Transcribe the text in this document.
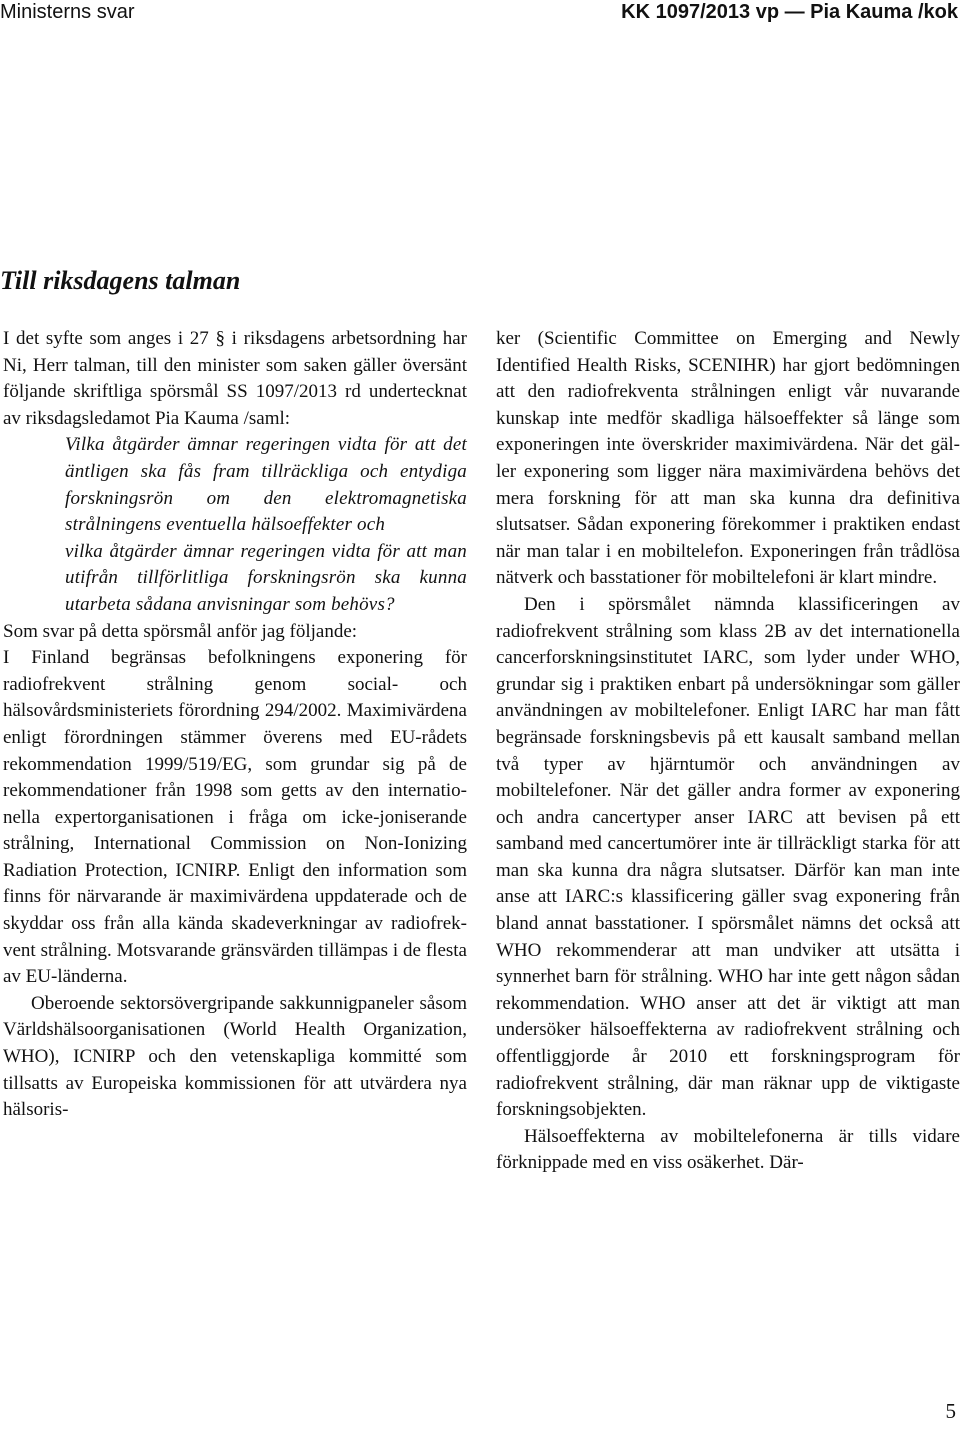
Ministerns svar	KK 1097/2013 vp — Pia Kauma /kok
Till riksdagens talman

I det syfte som anges i 27 § i riksdagens arbetsordning har Ni, Herr talman, till den minister som saken gäller översänt följande skriftliga spörsmål SS 1097/2013 rd undertecknat av riksdagsledamot Pia Kauma /saml:

Vilka åtgärder ämnar regeringen vidta för att det äntligen ska fås fram tillräckliga och entydiga forskningsrön om den elektromagnetiska strålningens eventuella hälsoeffekter och

vilka åtgärder ämnar regeringen vidta för att man utifrån tillförlitliga forskningsrön ska kunna utarbeta sådana anvisningar som behövs?

Som svar på detta spörsmål anför jag följande:

I Finland begränsas befolkningens exponering för radiofrekvent strålning genom social- och hälsovårdsministeriets förordning 294/2002. Maximivärdena enligt förordningen stämmer överens med EU-rådets rekommendation 1999/519/EG, som grundar sig på de rekommendationer från 1998 som getts av den internationella expertorganisationen i fråga om icke-joniserande strålning, International Commission on Non-Ionizing Radiation Protection, ICNIRP. Enligt den information som finns för närvarande är maximivärdena uppdaterade och de skyddar oss från alla kända skadeverkningar av radiofrekvent strålning. Motsvarande gränsvärden tillämpas i de flesta av EU-länderna.

Oberoende sektorsövergripande sakkunnigpaneler såsom Världshälsoorganisationen (World Health Organization, WHO), ICNIRP och den vetenskapliga kommitté som tillsatts av Europeiska kommissionen för att utvärdera nya hälsoris-

ker (Scientific Committee on Emerging and Newly Identified Health Risks, SCENIHR) har gjort bedömningen att den radiofrekventa strålningen enligt vår nuvarande kunskap inte medför skadliga hälsoeffekter så länge som exponeringen inte överskrider maximivärdena. När det gäller exponering som ligger nära maximivärdena behövs det mera forskning för att man ska kunna dra definitiva slutsatser. Sådan exponering förekommer i praktiken endast när man talar i en mobiltelefon. Exponeringen från trådlösa nätverk och basstationer för mobiltelefoni är klart mindre.

Den i spörsmålet nämnda klassificeringen av radiofrekvent strålning som klass 2B av det internationella cancerforskningsinstitutet IARC, som lyder under WHO, grundar sig i praktiken enbart på undersökningar som gäller användningen av mobiltelefoner. Enligt IARC har man fått begränsade forskningsbevis på ett kausalt samband mellan två typer av hjärntumör och användningen av mobiltelefoner. När det gäller andra former av exponering och andra cancertyper anser IARC att bevisen på ett samband med cancertumörer inte är tillräckligt starka för att man ska kunna dra några slutsatser. Därför kan man inte anse att IARC:s klassificering gäller svag exponering från bland annat basstationer. I spörsmålet nämns det också att WHO rekommenderar att man undviker att utsätta i synnerhet barn för strålning. WHO har inte gett någon sådan rekommendation. WHO anser att det är viktigt att man undersöker hälsoeffekterna av radiofrekvent strålning och offentliggjorde år 2010 ett forskningsprogram för radiofrekvent strålning, där man räknar upp de viktigaste forskningsobjekten.

Hälsoeffekterna av mobiltelefonerna är tills vidare förknippade med en viss osäkerhet. Där-

5
